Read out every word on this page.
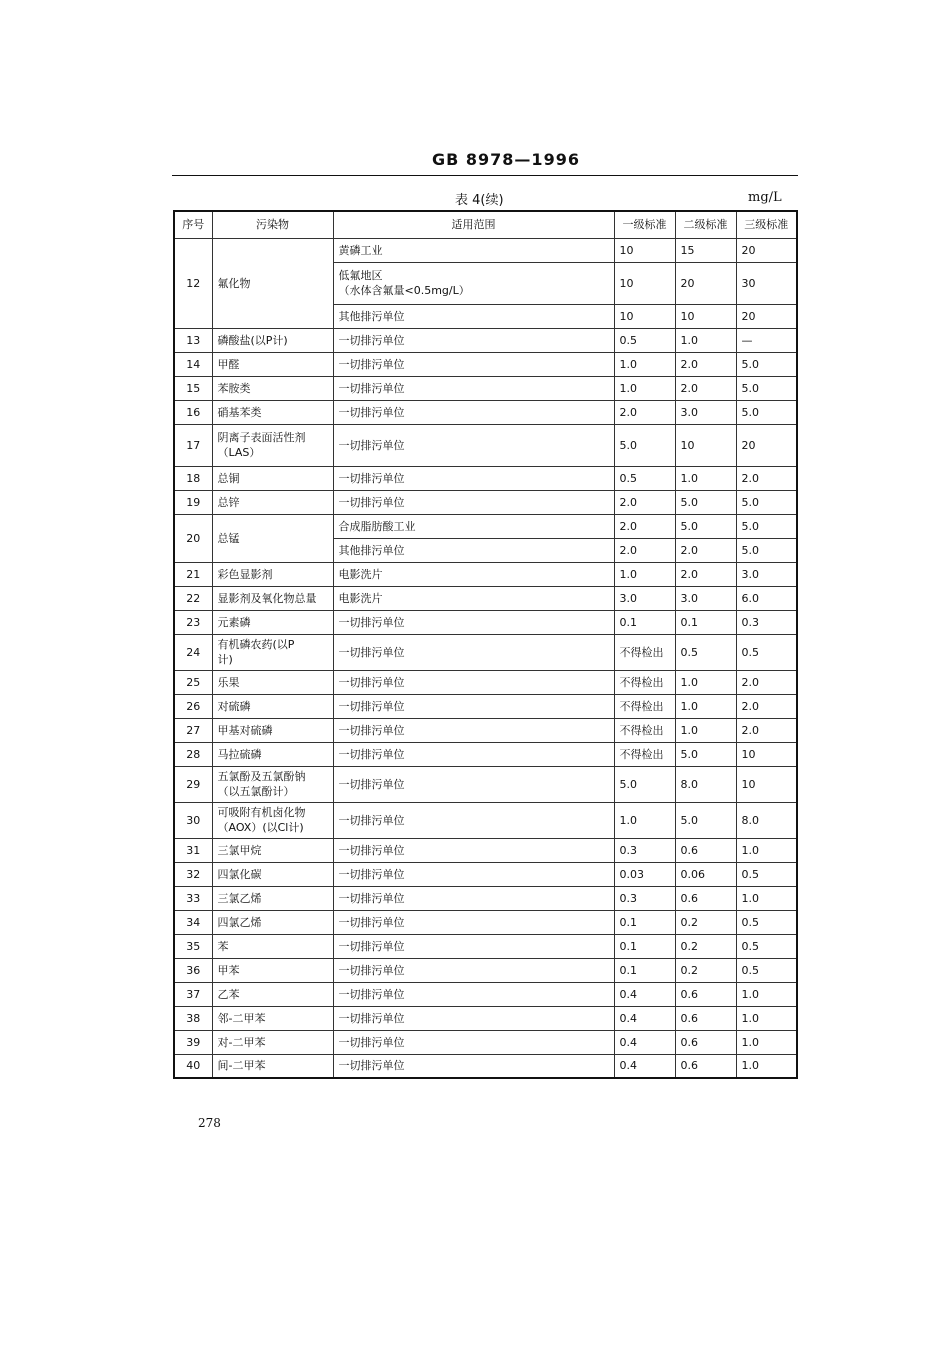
GB 8978—1996
表 4(续)	mg/L
序号	污染物	适用范围	一级标准	二级标准	三级标准
12	氟化物	黄磷工业	10	15	20
		低氟地区
（水体含氟量<0.5mg/L）	10	20	30
		其他排污单位	10	10	20
13	磷酸盐(以P计)	一切排污单位	0.5	1.0	—
14	甲醛	一切排污单位	1.0	2.0	5.0
15	苯胺类	一切排污单位	1.0	2.0	5.0
16	硝基苯类	一切排污单位	2.0	3.0	5.0
17	阴离子表面活性剂
（LAS）	一切排污单位	5.0	10	20
18	总铜	一切排污单位	0.5	1.0	2.0
19	总锌	一切排污单位	2.0	5.0	5.0
20	总锰	合成脂肪酸工业	2.0	5.0	5.0
		其他排污单位	2.0	2.0	5.0
21	彩色显影剂	电影洗片	1.0	2.0	3.0
22	显影剂及氧化物总量	电影洗片	3.0	3.0	6.0
23	元素磷	一切排污单位	0.1	0.1	0.3
24	有机磷农药(以P
计)	一切排污单位	不得检出	0.5	0.5
25	乐果	一切排污单位	不得检出	1.0	2.0
26	对硫磷	一切排污单位	不得检出	1.0	2.0
27	甲基对硫磷	一切排污单位	不得检出	1.0	2.0
28	马拉硫磷	一切排污单位	不得检出	5.0	10
29	五氯酚及五氯酚钠
（以五氯酚计）	一切排污单位	5.0	8.0	10
30	可吸附有机卤化物
（AOX）(以Cl计)	一切排污单位	1.0	5.0	8.0
31	三氯甲烷	一切排污单位	0.3	0.6	1.0
32	四氯化碳	一切排污单位	0.03	0.06	0.5
33	三氯乙烯	一切排污单位	0.3	0.6	1.0
34	四氯乙烯	一切排污单位	0.1	0.2	0.5
35	苯	一切排污单位	0.1	0.2	0.5
36	甲苯	一切排污单位	0.1	0.2	0.5
37	乙苯	一切排污单位	0.4	0.6	1.0
38	邻-二甲苯	一切排污单位	0.4	0.6	1.0
39	对-二甲苯	一切排污单位	0.4	0.6	1.0
40	间-二甲苯	一切排污单位	0.4	0.6	1.0
278
